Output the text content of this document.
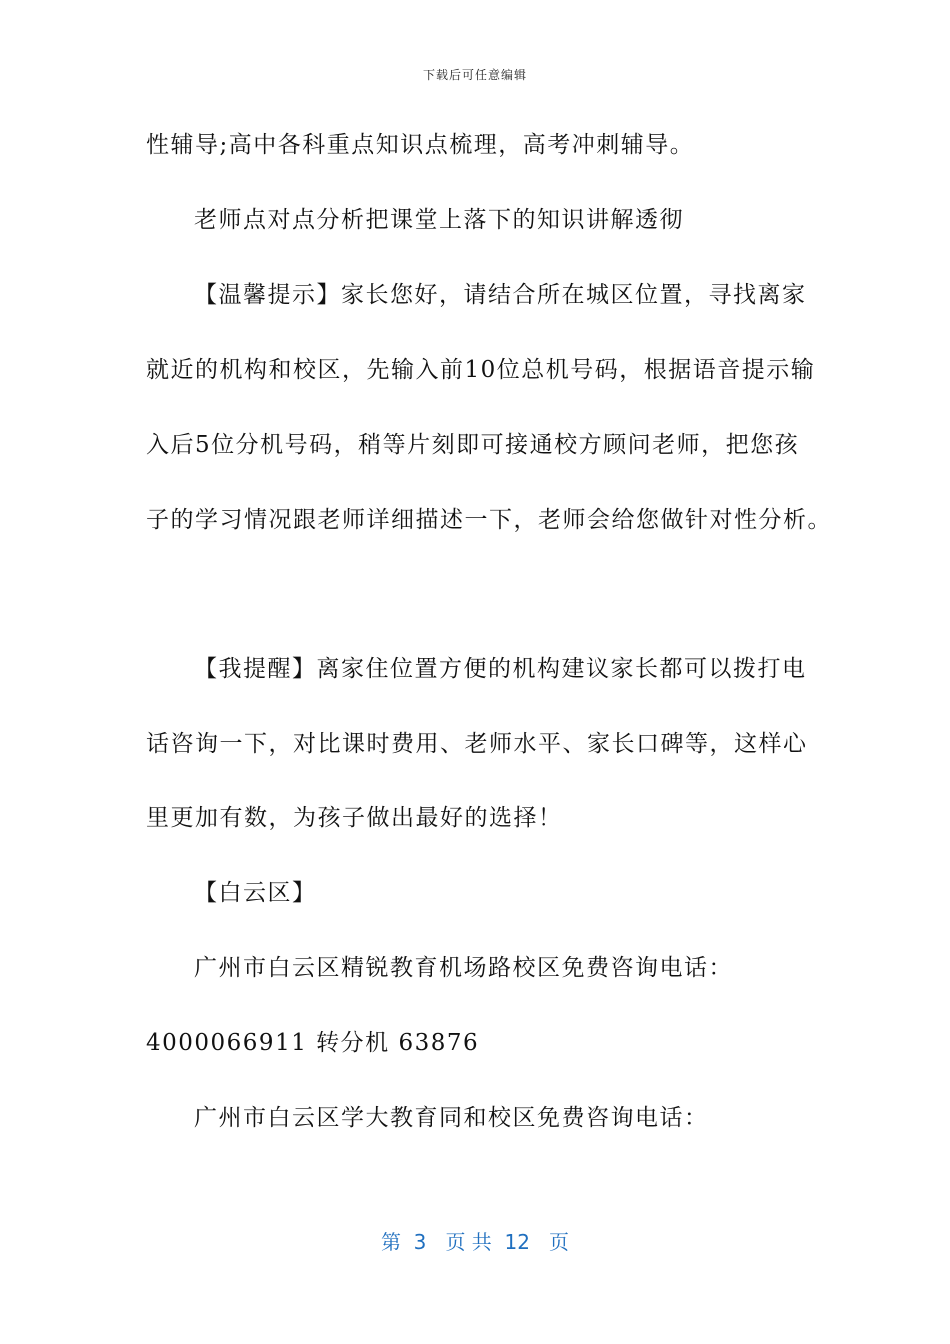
下载后可任意编辑
性辅导;高中各科重点知识点梳理，高考冲刺辅导。
老师点对点分析把课堂上落下的知识讲解透彻
【温馨提示】家长您好，请结合所在城区位置，寻找离家
就近的机构和校区，先输入前10位总机号码，根据语音提示输
入后5位分机号码，稍等片刻即可接通校方顾问老师，把您孩
子的学习情况跟老师详细描述一下，老师会给您做针对性分析。
【我提醒】离家住位置方便的机构建议家长都可以拨打电
话咨询一下，对比课时费用、老师水平、家长口碑等，这样心
里更加有数，为孩子做出最好的选择！
【白云区】
广州市白云区精锐教育机场路校区免费咨询电话：
4000066911 转分机 63876
广州市白云区学大教育同和校区免费咨询电话：
第  3   页 共  12   页
